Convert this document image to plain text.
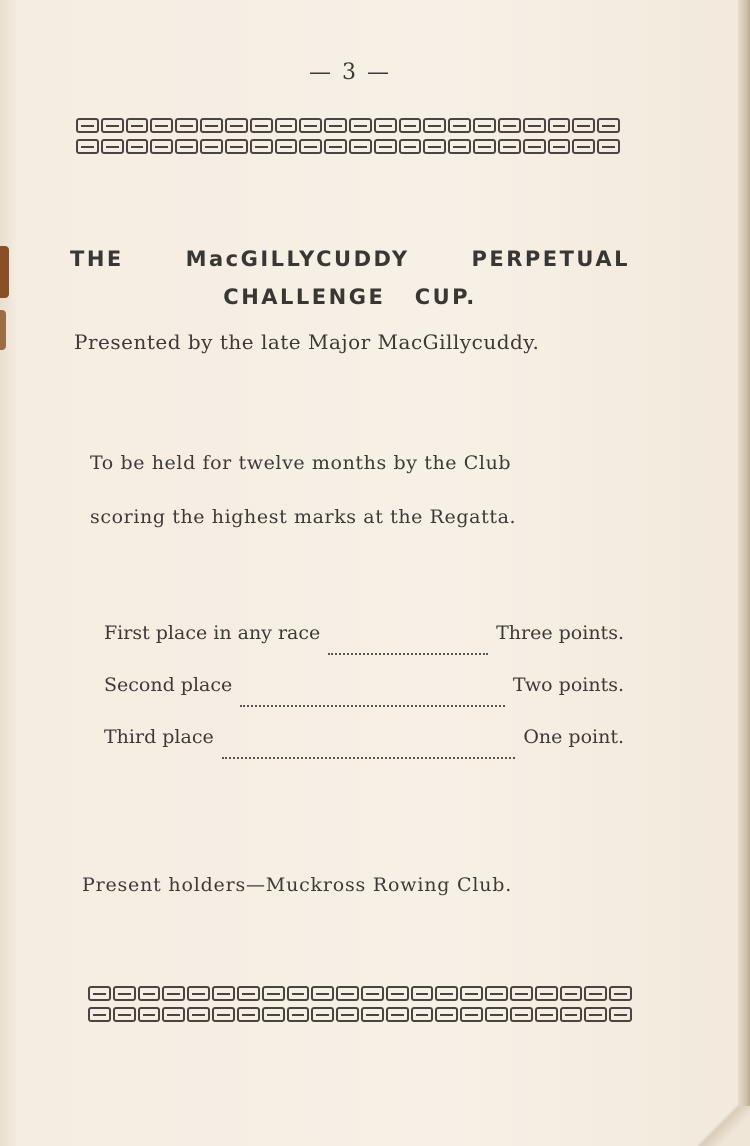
— 3 —
THE	MacGILLYCUDDY	PERPETUAL
CHALLENGE   CUP.
Presented by the late Major MacGillycuddy.
To be held for twelve months by the Club
scoring the highest marks at the Regatta.
First place in any race	Three points.
Second place	Two points.
Third place	One point.
Present holders—Muckross Rowing Club.
